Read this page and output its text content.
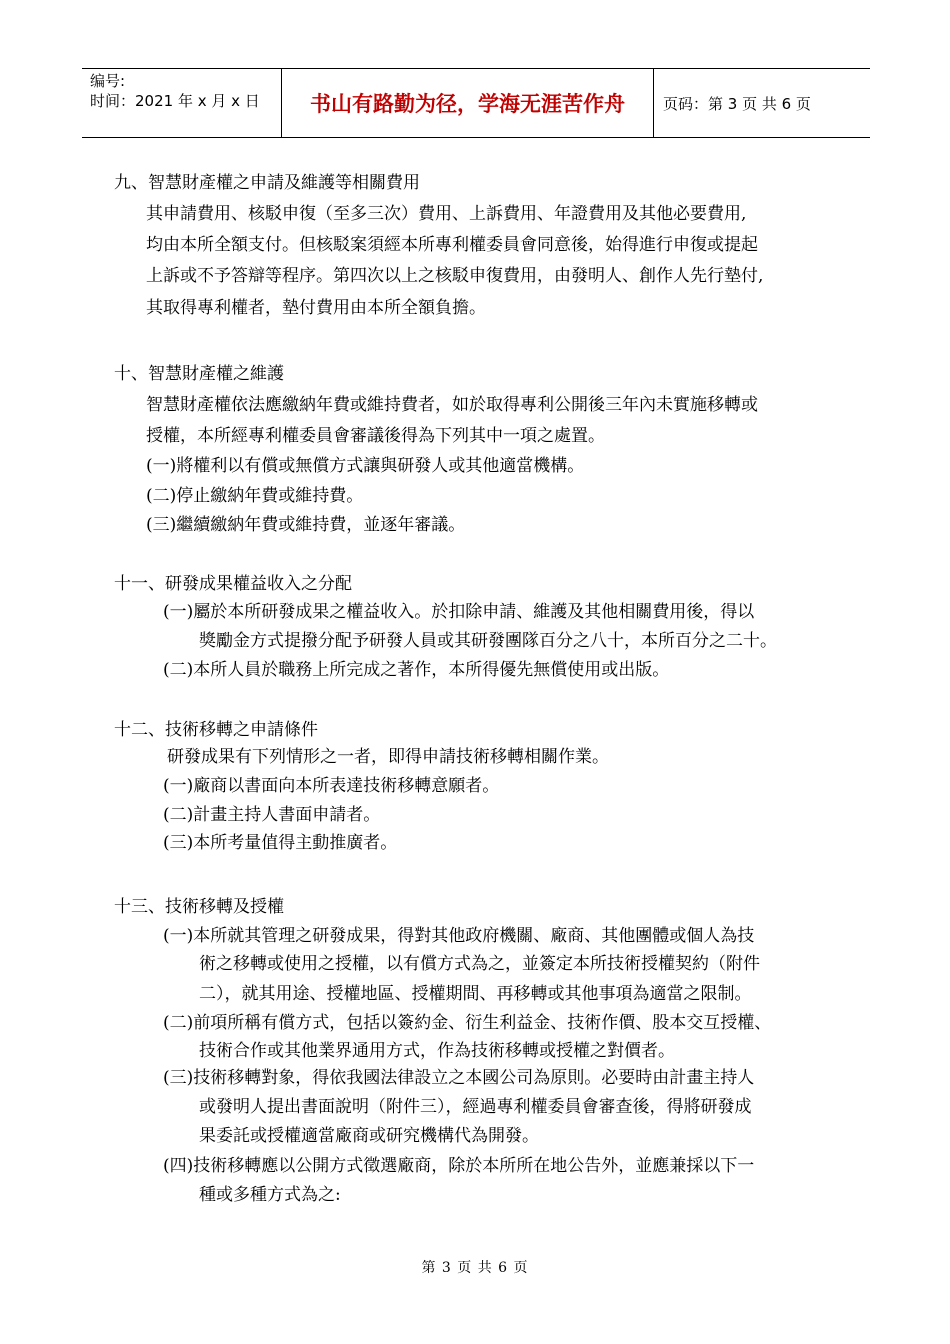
编号:
时间：2021 年 x 月 x 日	书山有路勤为径，学海无涯苦作舟	页码：第 3 页 共 6 页
九、智慧財產權之申請及維護等相關費用
其申請費用、核駁申復（至多三次）費用、上訴費用、年證費用及其他必要費用,
均由本所全額支付。但核駁案須經本所專利權委員會同意後，始得進行申復或提起
上訴或不予答辯等程序。第四次以上之核駁申復費用，由發明人、創作人先行墊付,
其取得專利權者，墊付費用由本所全額負擔。
十、智慧財產權之維護
智慧財產權依法應繳納年費或維持費者，如於取得專利公開後三年內未實施移轉或
授權，本所經專利權委員會審議後得為下列其中一項之處置。
(一)將權利以有償或無償方式讓與研發人或其他適當機構。
(二)停止繳納年費或維持費。
(三)繼續繳納年費或維持費，並逐年審議。
十一、研發成果權益收入之分配
(一)屬於本所研發成果之權益收入。於扣除申請、維護及其他相關費用後，得以
獎勵金方式提撥分配予研發人員或其研發團隊百分之八十，本所百分之二十。
(二)本所人員於職務上所完成之著作，本所得優先無償使用或出版。
十二、技術移轉之申請條件
研發成果有下列情形之一者，即得申請技術移轉相關作業。
(一)廠商以書面向本所表達技術移轉意願者。
(二)計畫主持人書面申請者。
(三)本所考量值得主動推廣者。
十三、技術移轉及授權
(一)本所就其管理之研發成果，得對其他政府機關、廠商、其他團體或個人為技
術之移轉或使用之授權，以有償方式為之，並簽定本所技術授權契約（附件
二），就其用途、授權地區、授權期間、再移轉或其他事項為適當之限制。
(二)前項所稱有償方式，包括以簽約金、衍生利益金、技術作價、股本交互授權、
技術合作或其他業界通用方式，作為技術移轉或授權之對價者。
(三)技術移轉對象，得依我國法律設立之本國公司為原則。必要時由計畫主持人
或發明人提出書面說明（附件三），經過專利權委員會審查後，得將研發成
果委託或授權適當廠商或研究機構代為開發。
(四)技術移轉應以公開方式徵選廠商，除於本所所在地公告外，並應兼採以下一
種或多種方式為之:
第 3 页 共 6 页
